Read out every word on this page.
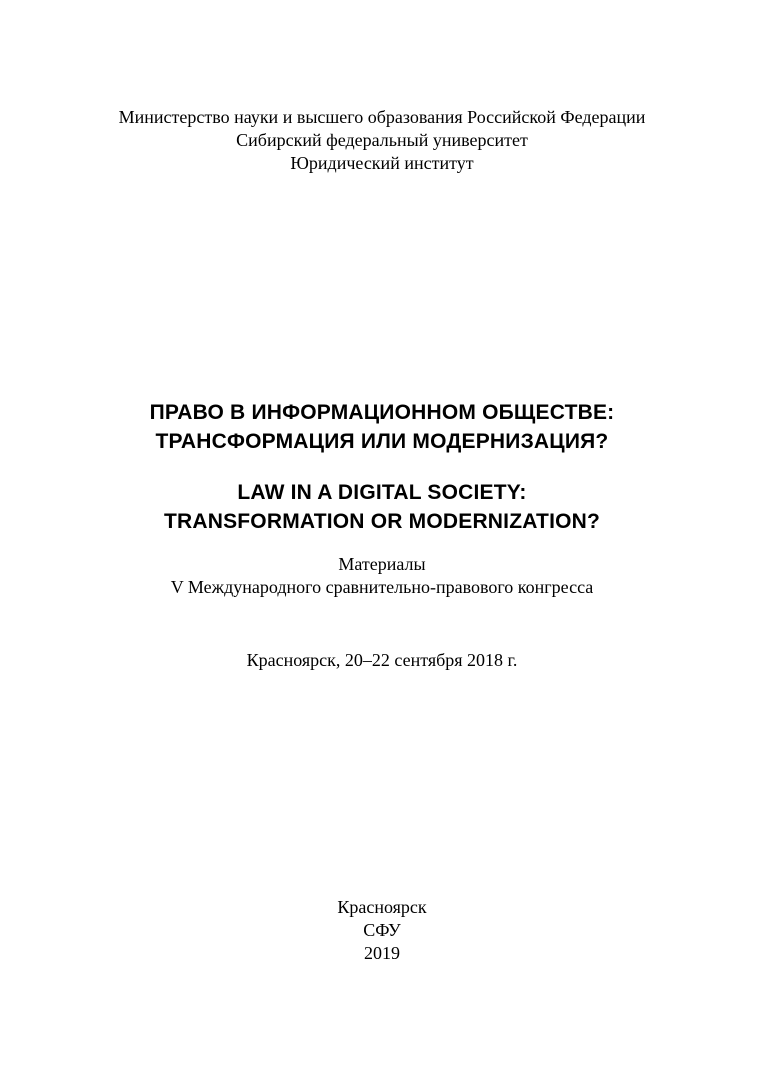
Министерство науки и высшего образования Российской Федерации
Сибирский федеральный университет
Юридический институт
ПРАВО В ИНФОРМАЦИОННОМ ОБЩЕСТВЕ:
ТРАНСФОРМАЦИЯ ИЛИ МОДЕРНИЗАЦИЯ?
LAW IN A DIGITAL SOCIETY:
TRANSFORMATION OR MODERNIZATION?
Материалы
V Международного сравнительно-правового конгресса
Красноярск, 20–22 сентября 2018 г.
Красноярск
СФУ
2019
